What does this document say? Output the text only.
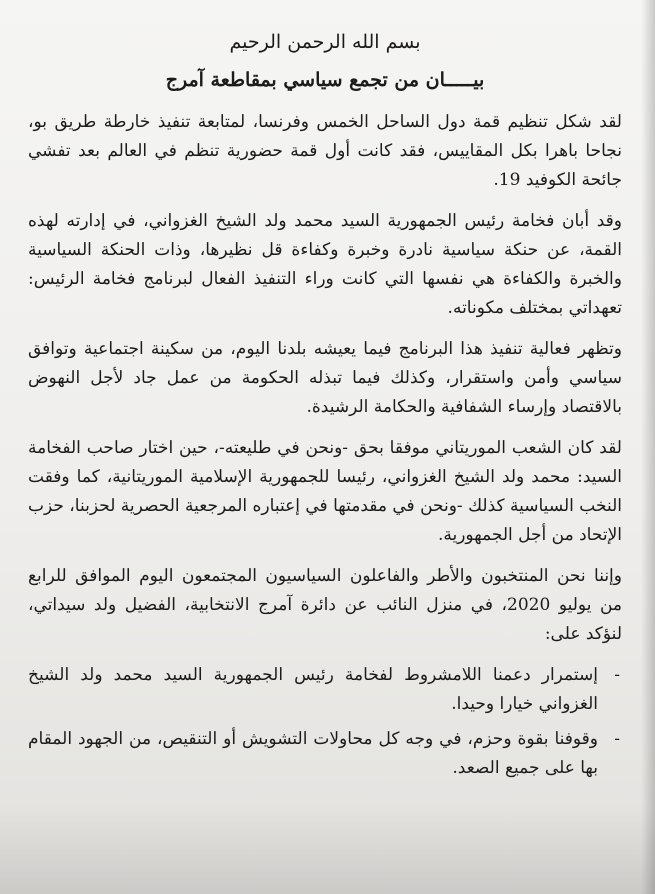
بسم الله الرحمن الرحيم
بيـــــان من تجمع سياسي بمقاطعة آمرج

لقد شكل تنظيم قمة دول الساحل الخمس وفرنسا، لمتابعة تنفيذ خارطة طريق بو، نجاحا باهرا بكل المقاييس، فقد كانت أول قمة حضورية تنظم في العالم بعد تفشي جائحة الكوفيد 19.

وقد أبان فخامة رئيس الجمهورية السيد محمد ولد الشيخ الغزواني، في إدارته لهذه القمة، عن حنكة سياسية نادرة وخبرة وكفاءة قل نظيرها، وذات الحنكة السياسية والخبرة والكفاءة هي نفسها التي كانت وراء التنفيذ الفعال لبرنامج فخامة الرئيس: تعهداتي بمختلف مكوناته.

وتظهر فعالية تنفيذ هذا البرنامج فيما يعيشه بلدنا اليوم، من سكينة اجتماعية وتوافق سياسي وأمن واستقرار، وكذلك فيما تبذله الحكومة من عمل جاد لأجل النهوض بالاقتصاد وإرساء الشفافية والحكامة الرشيدة.

لقد كان الشعب الموريتاني موفقا بحق -ونحن في طليعته-، حين اختار صاحب الفخامة السيد: محمد ولد الشيخ الغزواني، رئيسا للجمهورية الإسلامية الموريتانية، كما وفقت النخب السياسية كذلك -ونحن في مقدمتها في إعتباره المرجعية الحصرية لحزبنا، حزب الإتحاد من أجل الجمهورية.

وإننا نحن المنتخبون والأطر والفاعلون السياسيون المجتمعون اليوم الموافق للرابع من يوليو 2020، في منزل النائب عن دائرة آمرج الانتخابية، الفضيل ولد سيداتي، لنؤكد على:

-
إستمرار دعمنا اللامشروط لفخامة رئيس الجمهورية السيد محمد ولد الشيخ الغزواني خيارا وحيدا.
-
وقوفنا بقوة وحزم، في وجه كل محاولات التشويش أو التنقيص، من الجهود المقام بها على جميع الصعد.
